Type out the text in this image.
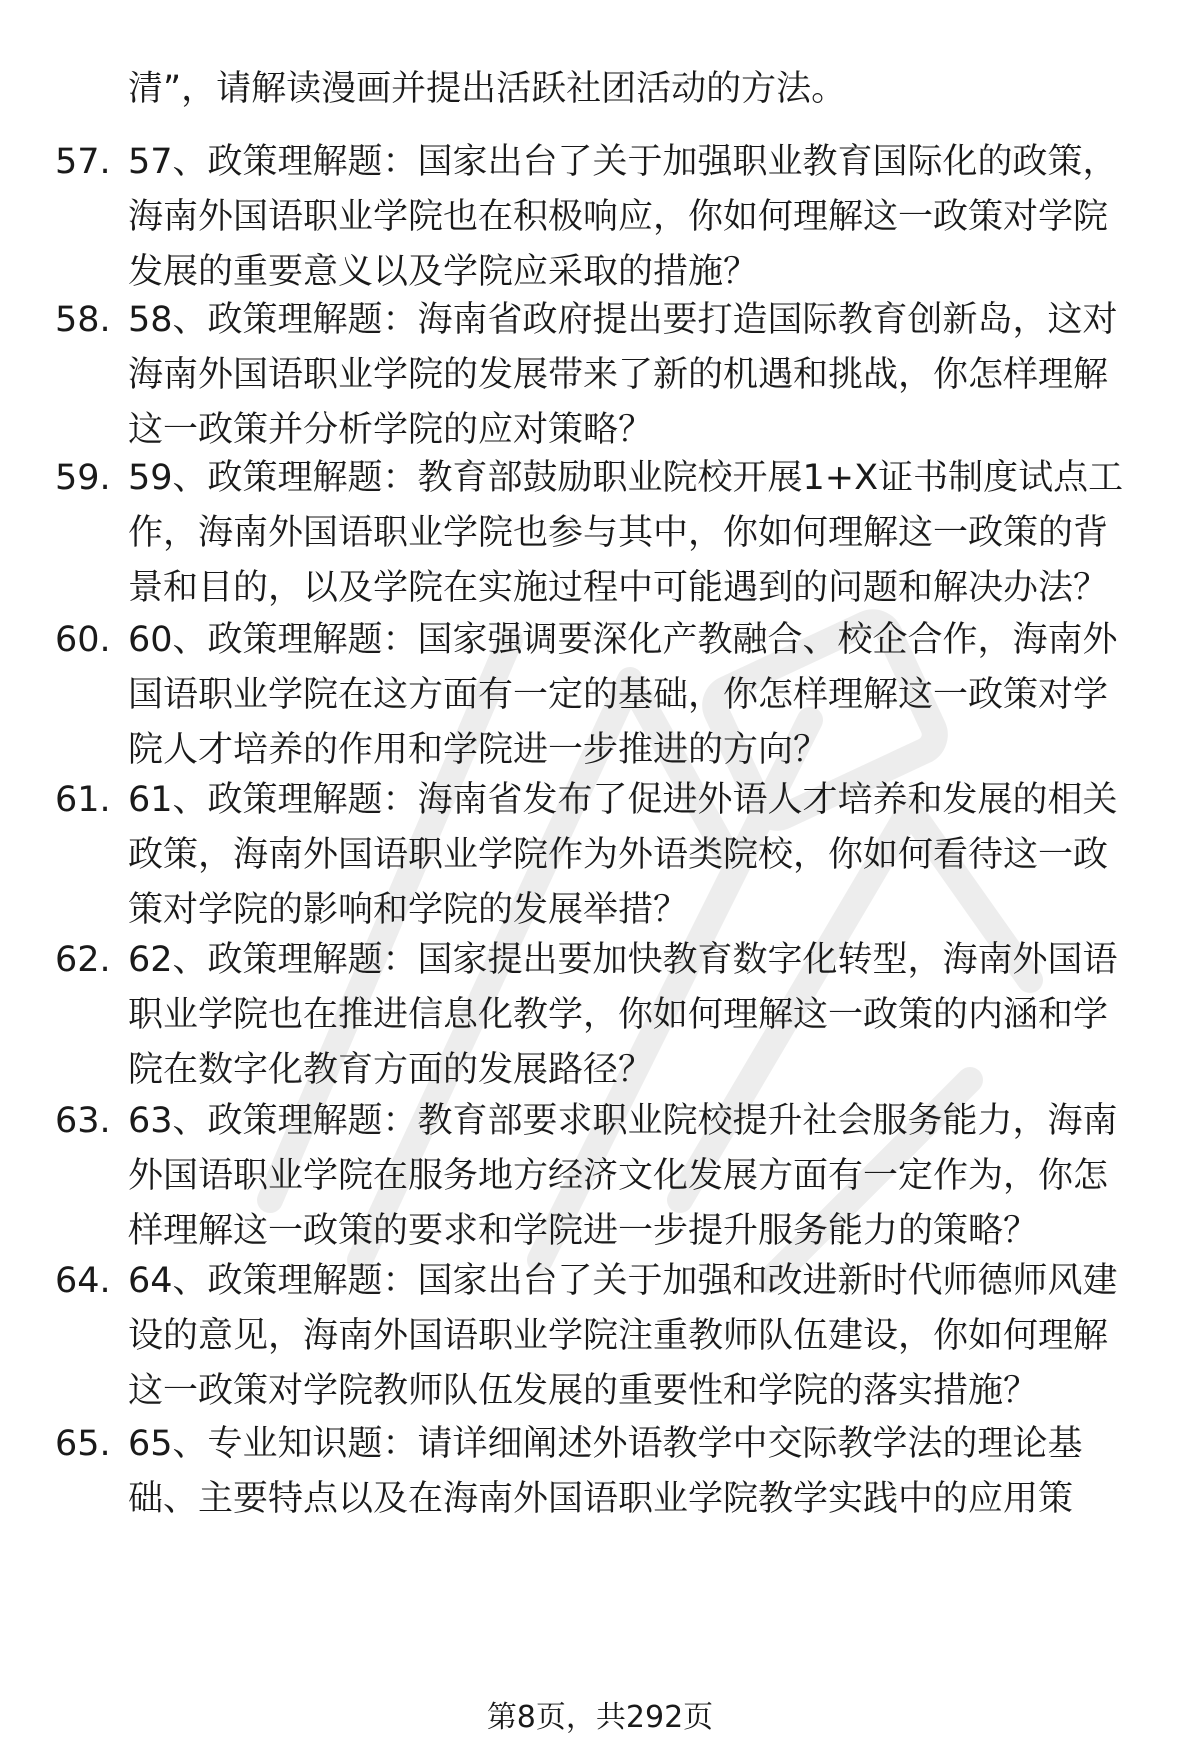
清”，请解读漫画并提出活跃社团活动的方法。
57. 57、政策理解题：国家出台了关于加强职业教育国际化的政策，
海南外国语职业学院也在积极响应，你如何理解这一政策对学院
发展的重要意义以及学院应采取的措施？
58. 58、政策理解题：海南省政府提出要打造国际教育创新岛，这对
海南外国语职业学院的发展带来了新的机遇和挑战，你怎样理解
这一政策并分析学院的应对策略？
59. 59、政策理解题：教育部鼓励职业院校开展1+X证书制度试点工
作，海南外国语职业学院也参与其中，你如何理解这一政策的背
景和目的，以及学院在实施过程中可能遇到的问题和解决办法？
60. 60、政策理解题：国家强调要深化产教融合、校企合作，海南外
国语职业学院在这方面有一定的基础，你怎样理解这一政策对学
院人才培养的作用和学院进一步推进的方向？
61. 61、政策理解题：海南省发布了促进外语人才培养和发展的相关
政策，海南外国语职业学院作为外语类院校，你如何看待这一政
策对学院的影响和学院的发展举措？
62. 62、政策理解题：国家提出要加快教育数字化转型，海南外国语
职业学院也在推进信息化教学，你如何理解这一政策的内涵和学
院在数字化教育方面的发展路径？
63. 63、政策理解题：教育部要求职业院校提升社会服务能力，海南
外国语职业学院在服务地方经济文化发展方面有一定作为，你怎
样理解这一政策的要求和学院进一步提升服务能力的策略？
64. 64、政策理解题：国家出台了关于加强和改进新时代师德师风建
设的意见，海南外国语职业学院注重教师队伍建设，你如何理解
这一政策对学院教师队伍发展的重要性和学院的落实措施？
65. 65、专业知识题：请详细阐述外语教学中交际教学法的理论基
础、主要特点以及在海南外国语职业学院教学实践中的应用策
第8页，共292页
